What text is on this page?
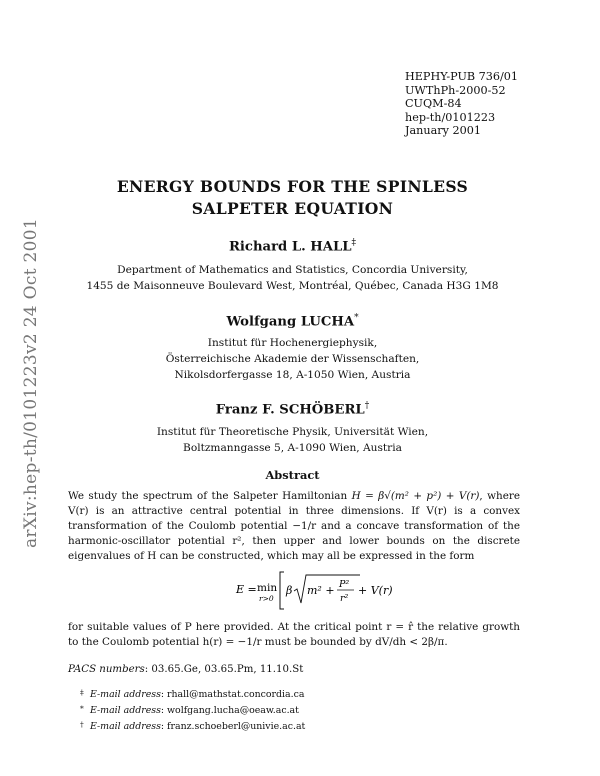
arXiv:hep-th/0101223v2 24 Oct 2001
HEPHY-PUB 736/01
UWThPh-2000-52
CUQM-84
hep-th/0101223
January 2001
ENERGY BOUNDS FOR THE SPINLESS
SALPETER EQUATION
Richard L. HALL‡
Department of Mathematics and Statistics, Concordia University,
1455 de Maisonneuve Boulevard West, Montréal, Québec, Canada H3G 1M8
Wolfgang LUCHA*
Institut für Hochenergiephysik,
Österreichische Akademie der Wissenschaften,
Nikolsdorfergasse 18, A-1050 Wien, Austria
Franz F. SCHÖBERL†
Institut für Theoretische Physik, Universität Wien,
Boltzmanngasse 5, A-1090 Wien, Austria
Abstract
We study the spectrum of the Salpeter Hamiltonian H = β√(m² + p²) + V(r), where V(r) is an attractive central potential in three dimensions. If V(r) is a convex transformation of the Coulomb potential −1/r and a concave transformation of the harmonic-oscillator potential r², then upper and lower bounds on the discrete eigenvalues of H can be constructed, which may all be expressed in the form
E = min
r>0
β m² + P²
r²
+ V(r)
for suitable values of P here provided. At the critical point r = r̂ the relative growth to the Coulomb potential h(r) = −1/r must be bounded by dV/dh < 2β/π.
PACS numbers: 03.65.Ge, 03.65.Pm, 11.10.St
‡ E-mail address: rhall@mathstat.concordia.ca
* E-mail address: wolfgang.lucha@oeaw.ac.at
† E-mail address: franz.schoeberl@univie.ac.at
